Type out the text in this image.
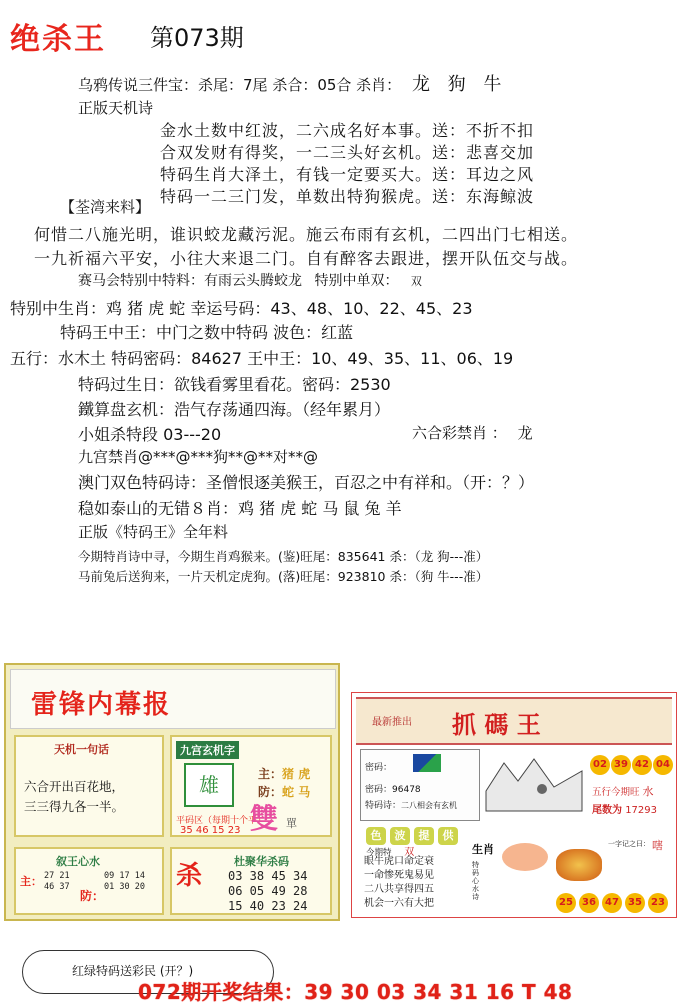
绝杀王 第073期
乌鸦传说三件宝：杀尾：7尾 杀合：05合 杀肖： 龙 狗 牛
正版天机诗
金水土数中红波，二六成名好本事。送：不折不扣
合双发财有得奖，一二三头好玄机。送：悲喜交加
特码生肖大泽土，有钱一定要买大。送：耳边之风
特码一二三门发，单数出特狗猴虎。送：东海鲸波
【荃湾来料】
何惜二八施光明，谁识蛟龙藏污泥。施云布雨有玄机，二四出门七相送。
一九祈福六平安，小往大来退二门。自有醉客去跟进，摆开队伍交与战。
赛马会特别中特料：有雨云头腾蛟龙 特别中单双： 双
特别中生肖：鸡 猪 虎 蛇 幸运号码：43、48、10、22、45、23
特码王中王：中门之数中特码 波色：红蓝
五行：水木土 特码密码：84627 王中王：10、49、35、11、06、19
特码过生日：欲钱看雾里看花。密码：2530
鐵算盘玄机：浩气存荡通四海。（经年累月）
小姐杀特段 03---20	六合彩禁肖 ： 龙
九宫禁肖@***@***狗**@**对**@
澳门双色特码诗：圣僧恨逐美猴王，百忍之中有祥和。（开：？）
稳如泰山的无错８肖：鸡 猪 虎 蛇 马 鼠 兔 羊
正版《特码王》全年料
今期特肖诗中寻，今期生肖鸡猴来。(鉴)旺尾：835641 杀：（龙 狗---准）
马前兔后送狗来，一片天机定虎狗。(落)旺尾：923810 杀：（狗 牛---准）
雷锋内幕报
天机一句话
六合开出百花地，
三三得九各一半。
九宫玄机字
主：猪 虎
防：蛇 马
平码区（每期十个平）
35 46 15 23
雄
雙 單
叙王心水
主：
防：
27 21
46 37
09 17 14
01 30 20 杀	杜聚华杀码
03 38 45 34
06 05 49 28
15 40 23 24
最新推出 抓 碼 王
密码：
密码：96478
特码诗：二八相会有玄机
02 39 42 04
五行今期旺 水
尾数为 17293
色	波	提	供
今期特 双
眼牛虎口命定衰
一命惨死鬼易见
二八共享得四五
机会一六有大把
生肖
特码心水诗
一字记之曰： 嗐
25 36 47 35 23
红绿特码送彩民 (开？)
072期开奖结果：39 30 03 34 31 16 T 48
